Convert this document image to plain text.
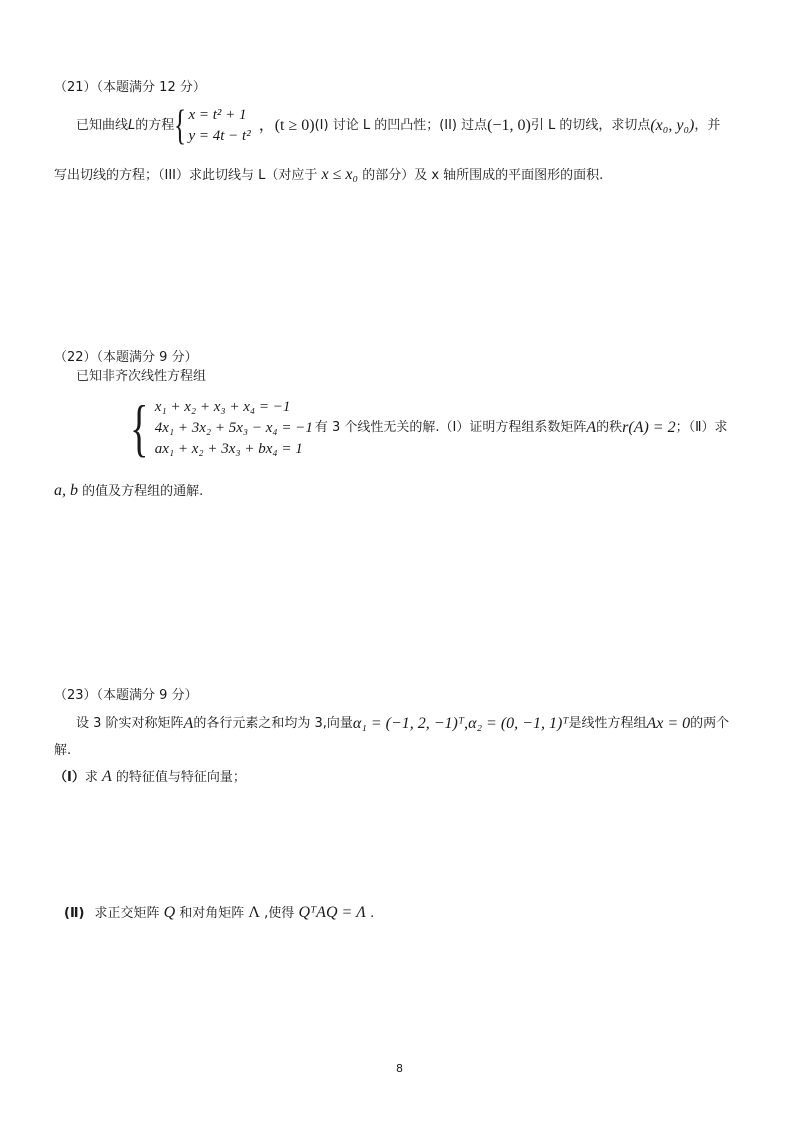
（21）（本题满分 12 分）
已知曲线 L 的方程 { x = t² + 1
y = 4t − t²
，(t ≥ 0) (I) 讨论 L 的凹凸性；(II) 过点 (−1, 0) 引 L 的切线，求切点 (x₀, y₀) ，并
写出切线的方程；（III）求此切线与 L（对应于 x ≤ x₀ 的部分）及 x 轴所围成的平面图形的面积.
（22）（本题满分 9 分）
已知非齐次线性方程组
{ x₁ + x₂ + x₃ + x₄ = −1
4x₁ + 3x₂ + 5x₃ − x₄ = −1
ax₁ + x₂ + 3x₃ + bx₄ = 1
有 3 个线性无关的解.（Ⅰ）证明方程组系数矩阵 A 的秩 r(A) = 2 ；（Ⅱ）求
a, b 的值及方程组的通解.
（23）（本题满分 9 分）
设 3 阶实对称矩阵 A 的各行元素之和均为 3,向量 α₁ = (−1, 2, −1)ᵀ , α₂ = (0, −1, 1)ᵀ 是线性方程组 Ax = 0 的两个
解.
（Ⅰ）求 A 的特征值与特征向量；
(Ⅱ) 求正交矩阵 Q 和对角矩阵 Λ ,使得 QᵀAQ = Λ .
8
